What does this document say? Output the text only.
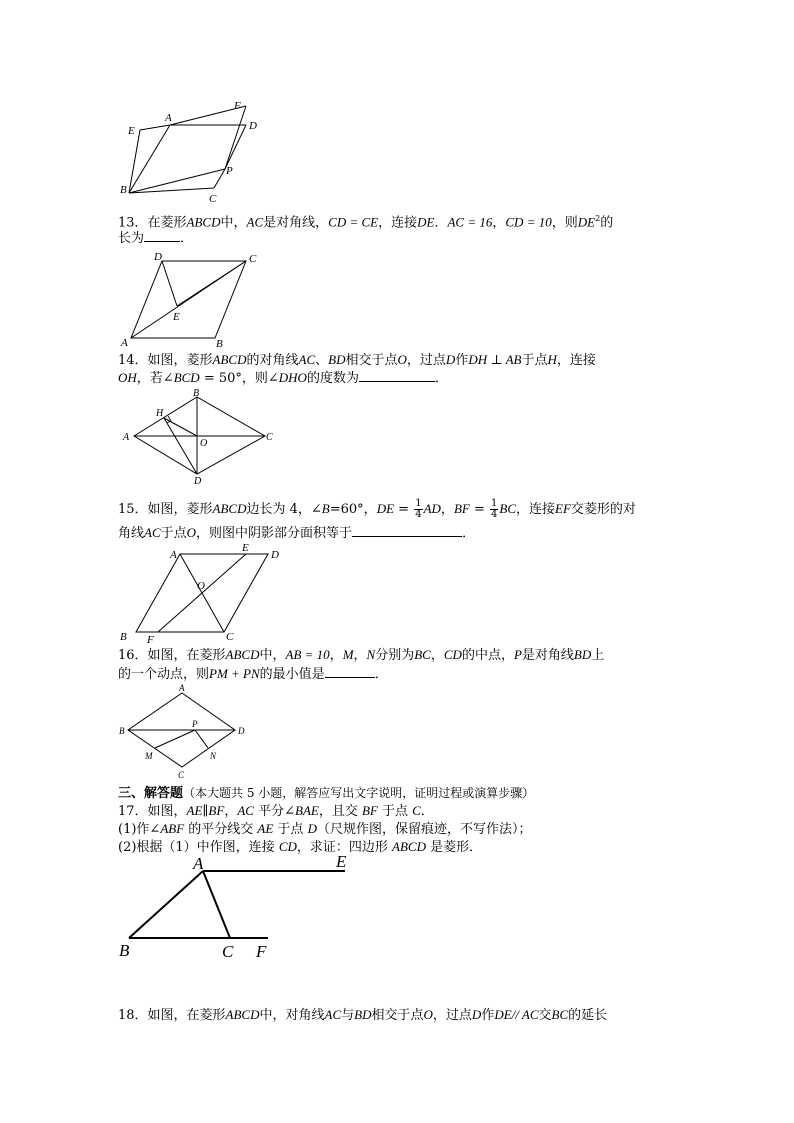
A
B
C
D
E
F
P
13．在菱形ABCD中，AC是对角线，CD = CE，连接DE．AC = 16，CD = 10，则$DE^2$的
长为	．
A	B
C
D
E
14．如图，菱形ABCD的对角线AC、BD相交于点O，过点D作DH ⊥ AB于点H，连接
OH，若∠BCD = 50°，则∠DHO的度数为	．
A
B
C
D
H
O
15．如图，菱形ABCD边长为 4，∠B=60°，DE = $\frac{1}{4}$ AD，BF = $\frac{1}{4}$ BC，连接EF交菱形的对
角线AC于点O，则图中阴影部分面积等于	．
A
B	C
D
E
F
O
16．如图，在菱形ABCD中，AB = 10，M，N分别为BC，CD的中点，P是对角线BD上
的一个动点，则PM + PN的最小值是	．
A
B
C
D
M	N
P
三、解答题（本大题共 5 小题，解答应写出文字说明，证明过程或演算步骤）
17．如图，AE∥BF，AC 平分∠BAE，且交 BF 于点 C．
(1)作∠ABF 的平分线交 AE 于点 D（尺规作图，保留痕迹，不写作法）；
(2)根据（1）中作图，连接 CD，求证：四边形 ABCD 是菱形．
A
B	C
E
F
18．如图，在菱形ABCD中，对角线AC与BD相交于点O，过点D作DE// AC交BC的延长
